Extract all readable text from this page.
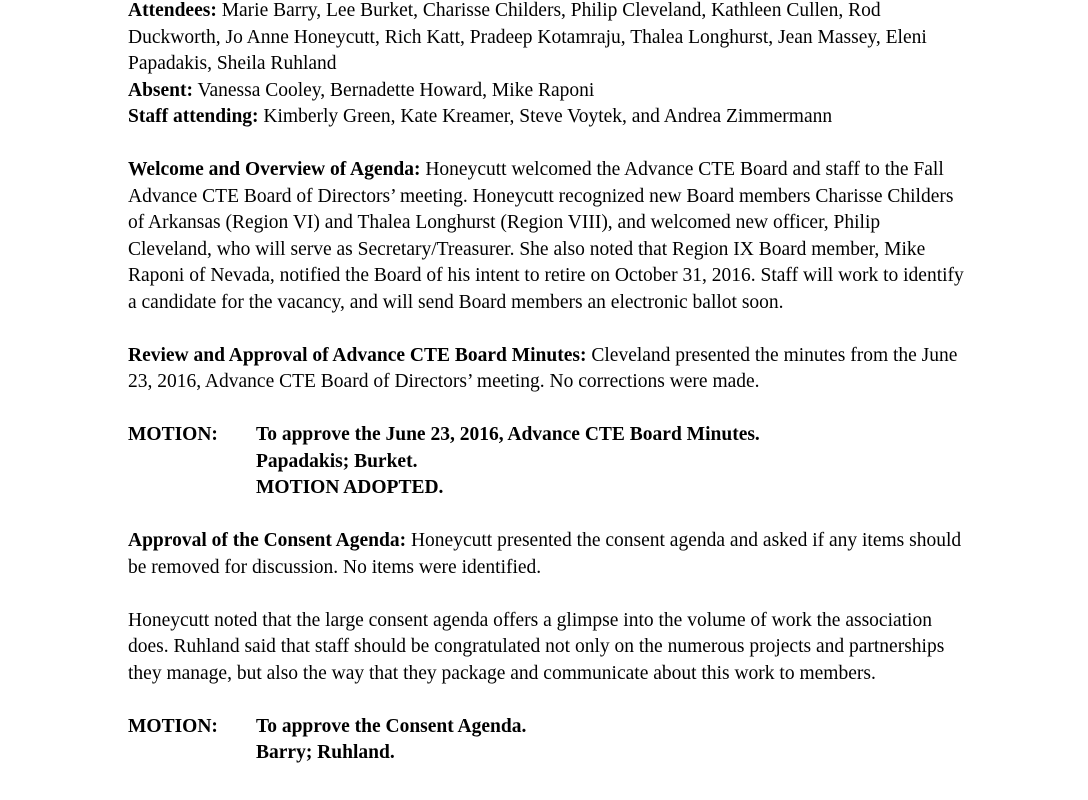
Attendees: Marie Barry, Lee Burket, Charisse Childers, Philip Cleveland, Kathleen Cullen, Rod Duckworth, Jo Anne Honeycutt, Rich Katt, Pradeep Kotamraju, Thalea Longhurst, Jean Massey, Eleni Papadakis, Sheila Ruhland
Absent: Vanessa Cooley, Bernadette Howard, Mike Raponi

Staff attending: Kimberly Green, Kate Kreamer, Steve Voytek, and Andrea Zimmermann

Welcome and Overview of Agenda: Honeycutt welcomed the Advance CTE Board and staff to the Fall Advance CTE Board of Directors’ meeting. Honeycutt recognized new Board members Charisse Childers of Arkansas (Region VI) and Thalea Longhurst (Region VIII), and welcomed new officer, Philip Cleveland, who will serve as Secretary/Treasurer. She also noted that Region IX Board member, Mike Raponi of Nevada, notified the Board of his intent to retire on October 31, 2016. Staff will work to identify a candidate for the vacancy, and will send Board members an electronic ballot soon.

Review and Approval of Advance CTE Board Minutes: Cleveland presented the minutes from the June 23, 2016, Advance CTE Board of Directors’ meeting. No corrections were made.

MOTION:	To approve the June 23, 2016, Advance CTE Board Minutes.
Papadakis; Burket.
MOTION ADOPTED.

Approval of the Consent Agenda: Honeycutt presented the consent agenda and asked if any items should be removed for discussion. No items were identified.

Honeycutt noted that the large consent agenda offers a glimpse into the volume of work the association does. Ruhland said that staff should be congratulated not only on the numerous projects and partnerships they manage, but also the way that they package and communicate about this work to members.

MOTION:	To approve the Consent Agenda.
Barry; Ruhland.
